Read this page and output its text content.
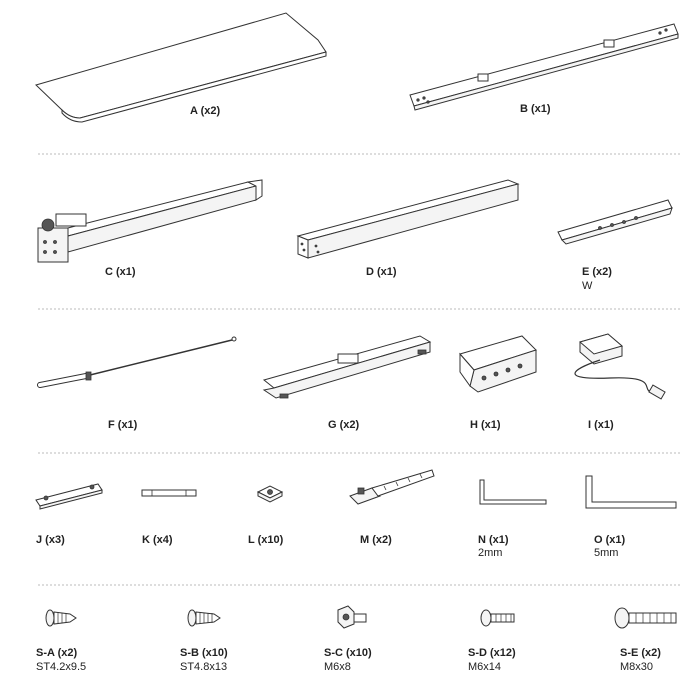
A (x2)	B (x1)
C (x1)	D (x1)	E (x2)
W
F (x1)	G (x2)	H (x1)	I (x1)
J (x3)	K (x4)	L (x10)	M (x2)	N (x1)
2mm
O (x1)
5mm
S-A (x2)
ST4.2x9.5
S-B (x10)
ST4.8x13
S-C (x10)
M6x8
S-D (x12)
M6x14
S-E (x2)
M8x30
